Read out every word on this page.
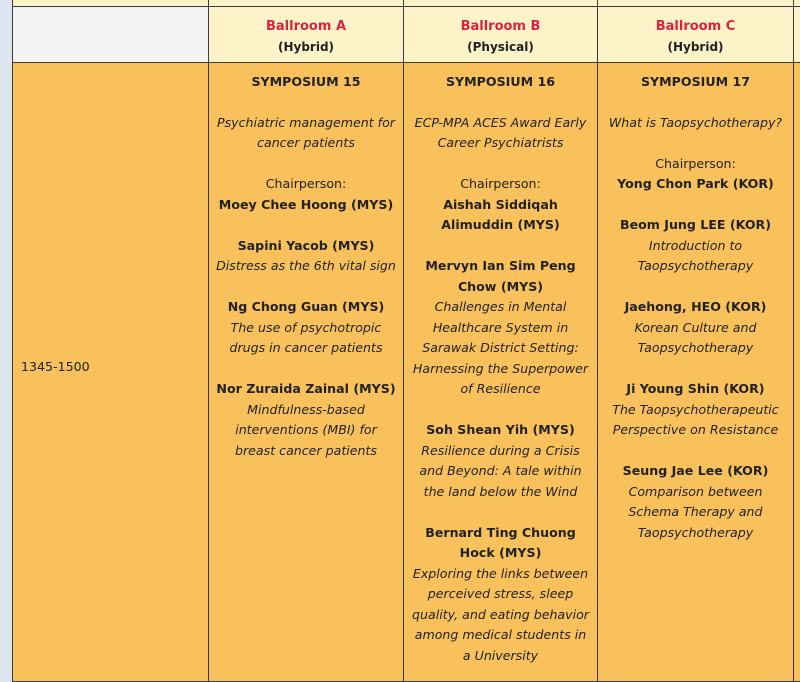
Ballroom A
(Hybrid)
Ballroom B
(Physical)
Ballroom C
(Hybrid)
1345-1500

SYMPOSIUM 15

Psychiatric management for cancer patients

Chairperson:

Moey Chee Hoong (MYS)

Sapini Yacob (MYS)

Distress as the 6th vital sign

Ng Chong Guan (MYS)

The use of psychotropic drugs in cancer patients

Nor Zuraida Zainal (MYS)

Mindfulness-based interventions (MBI) for breast cancer patients

SYMPOSIUM 16

ECP-MPA ACES Award Early Career Psychiatrists

Chairperson:

Aishah Siddiqah Alimuddin (MYS)

Mervyn Ian Sim Peng Chow (MYS)

Challenges in Mental Healthcare System in Sarawak District Setting: Harnessing the Superpower of Resilience

Soh Shean Yih (MYS)

Resilience during a Crisis and Beyond: A tale within the land below the Wind

Bernard Ting Chuong Hock (MYS)

Exploring the links between perceived stress, sleep quality, and eating behavior among medical students in a University

SYMPOSIUM 17

What is Taopsychotherapy?

Chairperson:

Yong Chon Park (KOR)

Beom Jung LEE (KOR)

Introduction to Taopsychotherapy

Jaehong, HEO (KOR)

Korean Culture and Taopsychotherapy

Ji Young Shin (KOR)

The Taopsychotherapeutic Perspective on Resistance

Seung Jae Lee (KOR)

Comparison between Schema Therapy and Taopsychotherapy
